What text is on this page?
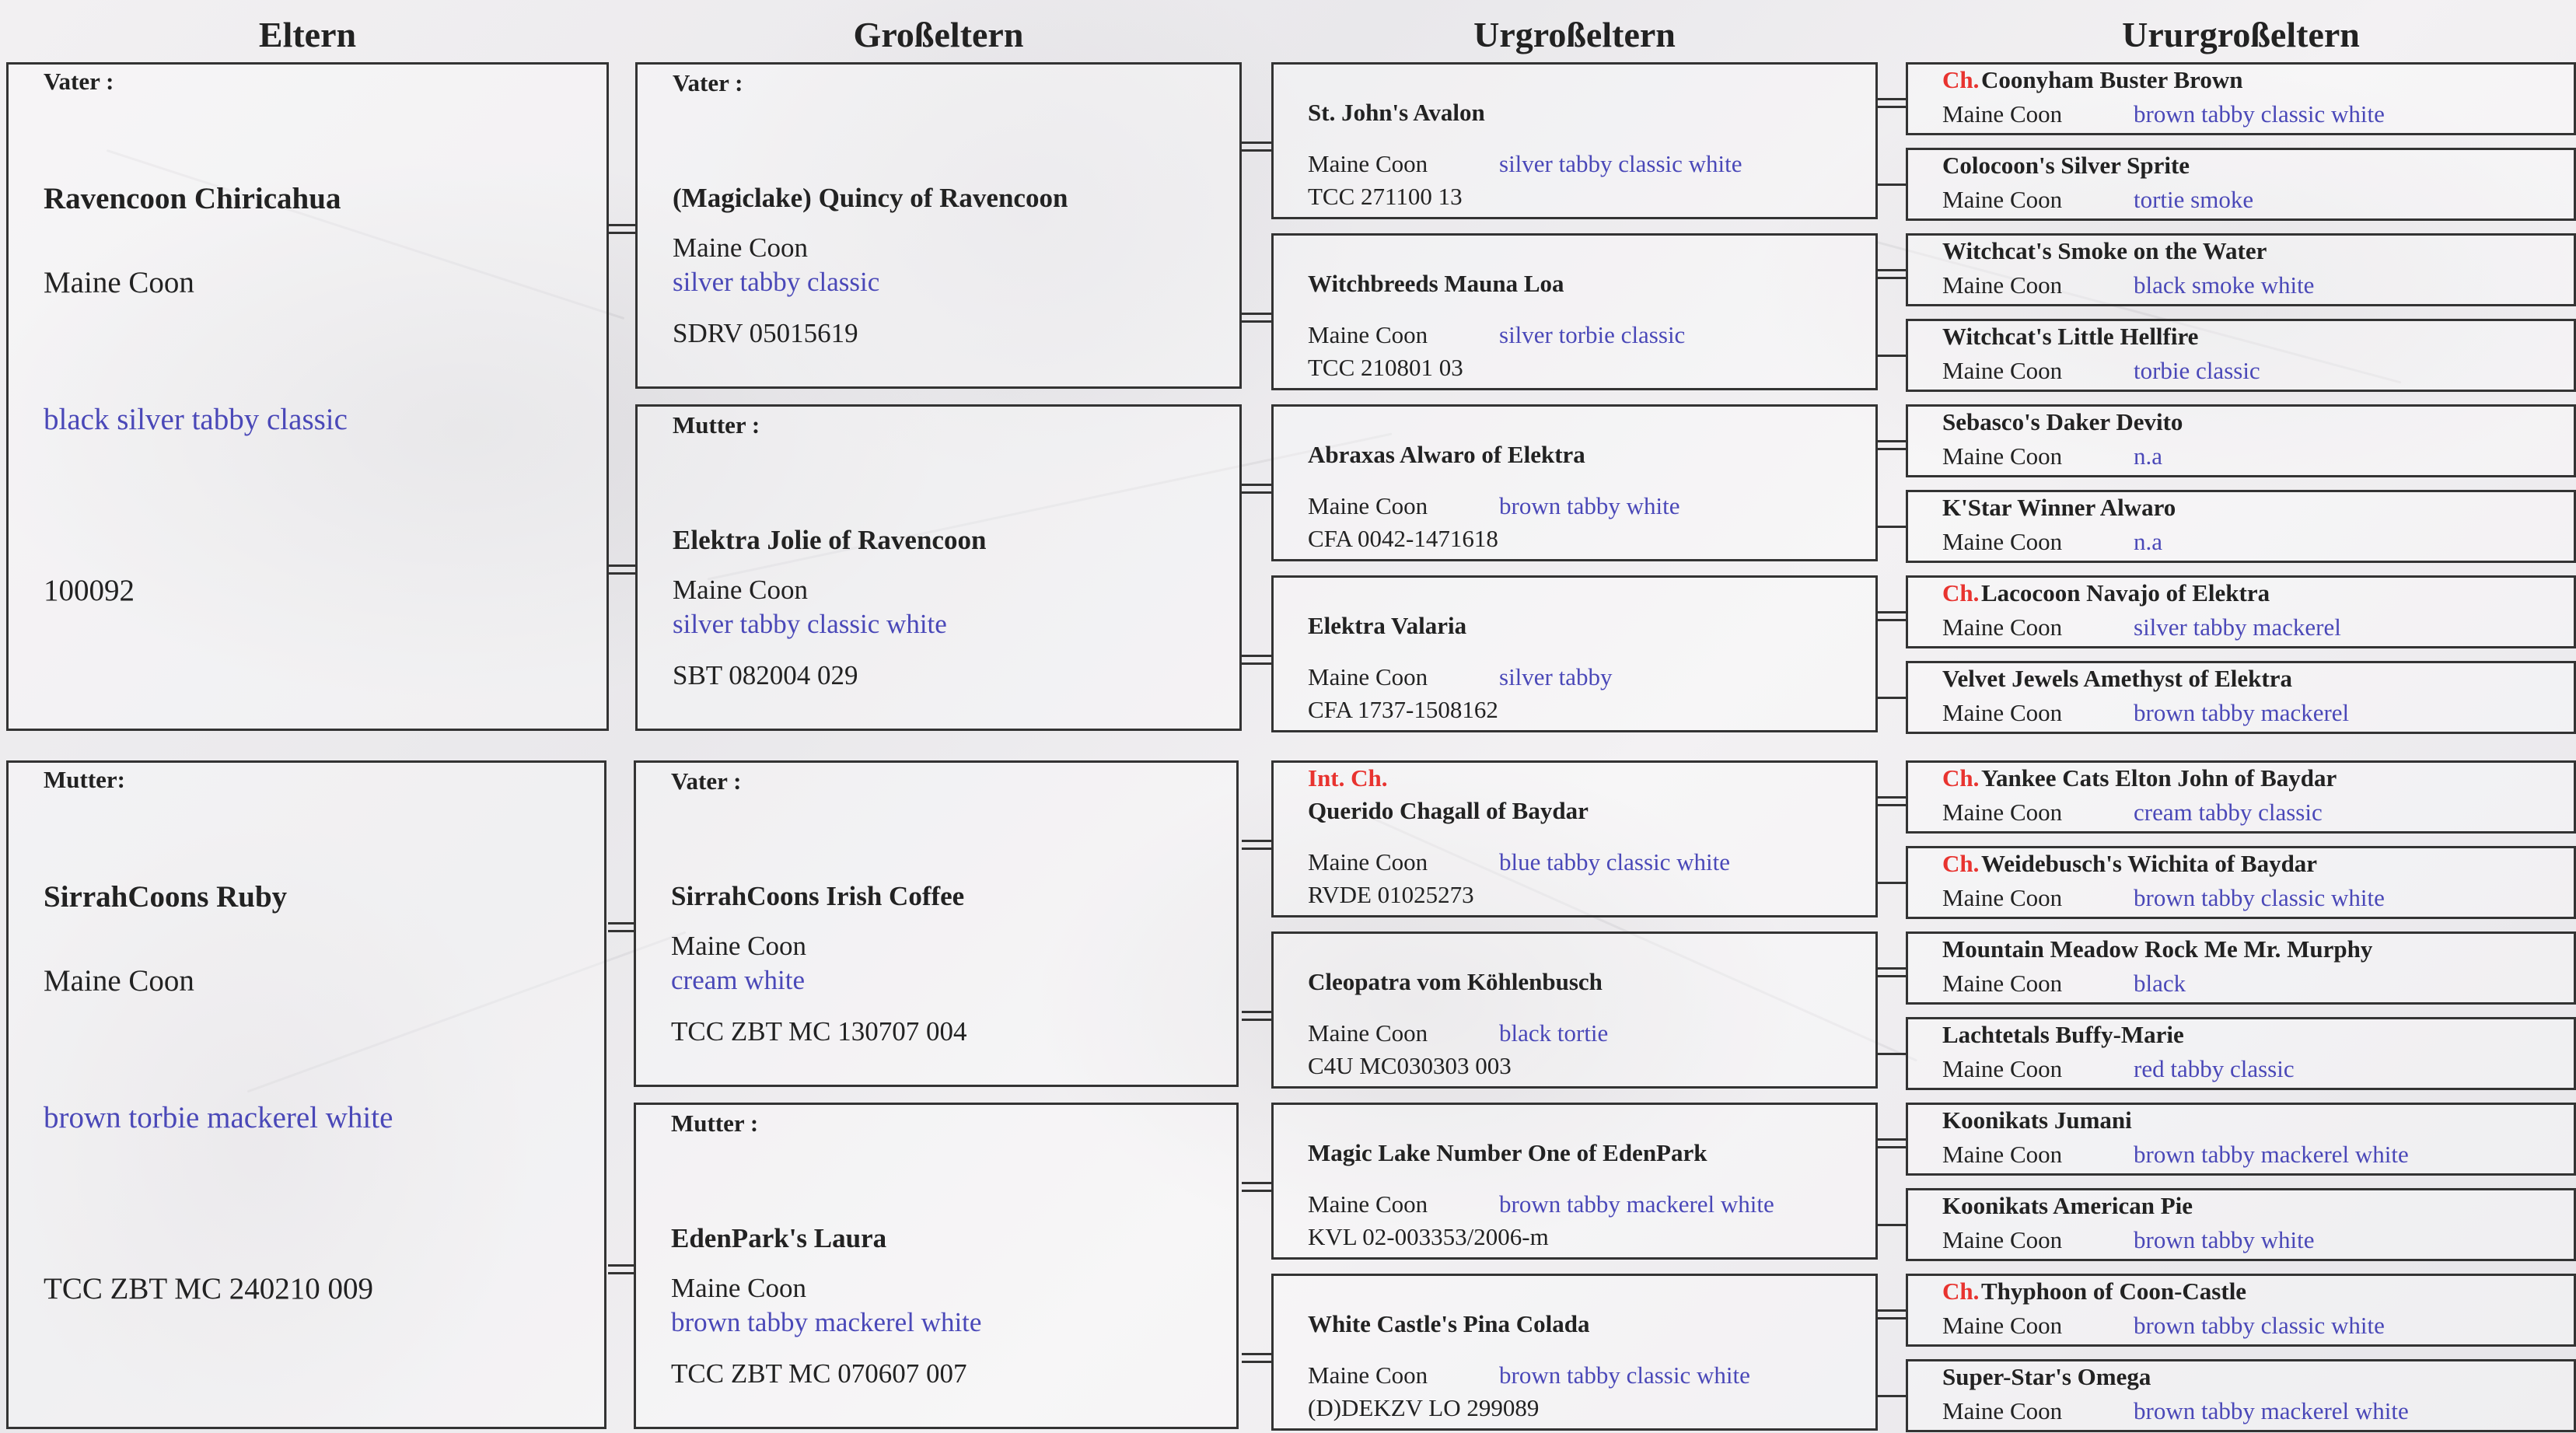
Eltern	Großeltern	Urgroßeltern	Ururgroßeltern
Vater :
Ravencoon Chiricahua
Maine Coon
black silver tabby classic
100092
Mutter:
SirrahCoons Ruby
Maine Coon
brown torbie mackerel white
TCC ZBT MC 240210 009
Vater :
(Magiclake) Quincy of Ravencoon
Maine Coon
silver tabby classic
SDRV 05015619
Mutter :
Elektra Jolie of Ravencoon
Maine Coon
silver tabby classic white
SBT 082004 029
Vater :
SirrahCoons Irish Coffee
Maine Coon
cream white
TCC ZBT MC 130707 004
Mutter :
EdenPark's Laura
Maine Coon
brown tabby mackerel white
TCC ZBT MC 070607 007
St. John's Avalon
Maine Coon	silver tabby classic white
TCC 271100 13
Witchbreeds Mauna Loa
Maine Coon	silver torbie classic
TCC 210801 03
Abraxas Alwaro of Elektra
Maine Coon	brown tabby white
CFA 0042-1471618
Elektra Valaria
Maine Coon	silver tabby
CFA 1737-1508162
Int. Ch.
Querido Chagall of Baydar
Maine Coon	blue tabby classic white
RVDE 01025273
Cleopatra vom Köhlenbusch
Maine Coon	black tortie
C4U MC030303 003
Magic Lake Number One of EdenPark
Maine Coon	brown tabby mackerel white
KVL 02-003353/2006-m
White Castle's Pina Colada
Maine Coon	brown tabby classic white
(D)DEKZV LO 299089
Ch. Coonyham Buster Brown
Maine Coon	brown tabby classic white
Colocoon's Silver Sprite
Maine Coon	tortie smoke
Witchcat's Smoke on the Water
Maine Coon	black smoke white
Witchcat's Little Hellfire
Maine Coon	torbie classic
Sebasco's Daker Devito
Maine Coon	n.a
K'Star Winner Alwaro
Maine Coon	n.a
Ch. Lacocoon Navajo of Elektra
Maine Coon	silver tabby mackerel
Velvet Jewels Amethyst of Elektra
Maine Coon	brown tabby mackerel
Ch. Yankee Cats Elton John of Baydar
Maine Coon	cream tabby classic
Ch. Weidebusch's Wichita of Baydar
Maine Coon	brown tabby classic white
Mountain Meadow Rock Me Mr. Murphy
Maine Coon	black
Lachtetals Buffy-Marie
Maine Coon	red tabby classic
Koonikats Jumani
Maine Coon	brown tabby mackerel white
Koonikats American Pie
Maine Coon	brown tabby white
Ch. Thyphoon of Coon-Castle
Maine Coon	brown tabby classic white
Super-Star's Omega
Maine Coon	brown tabby mackerel white
